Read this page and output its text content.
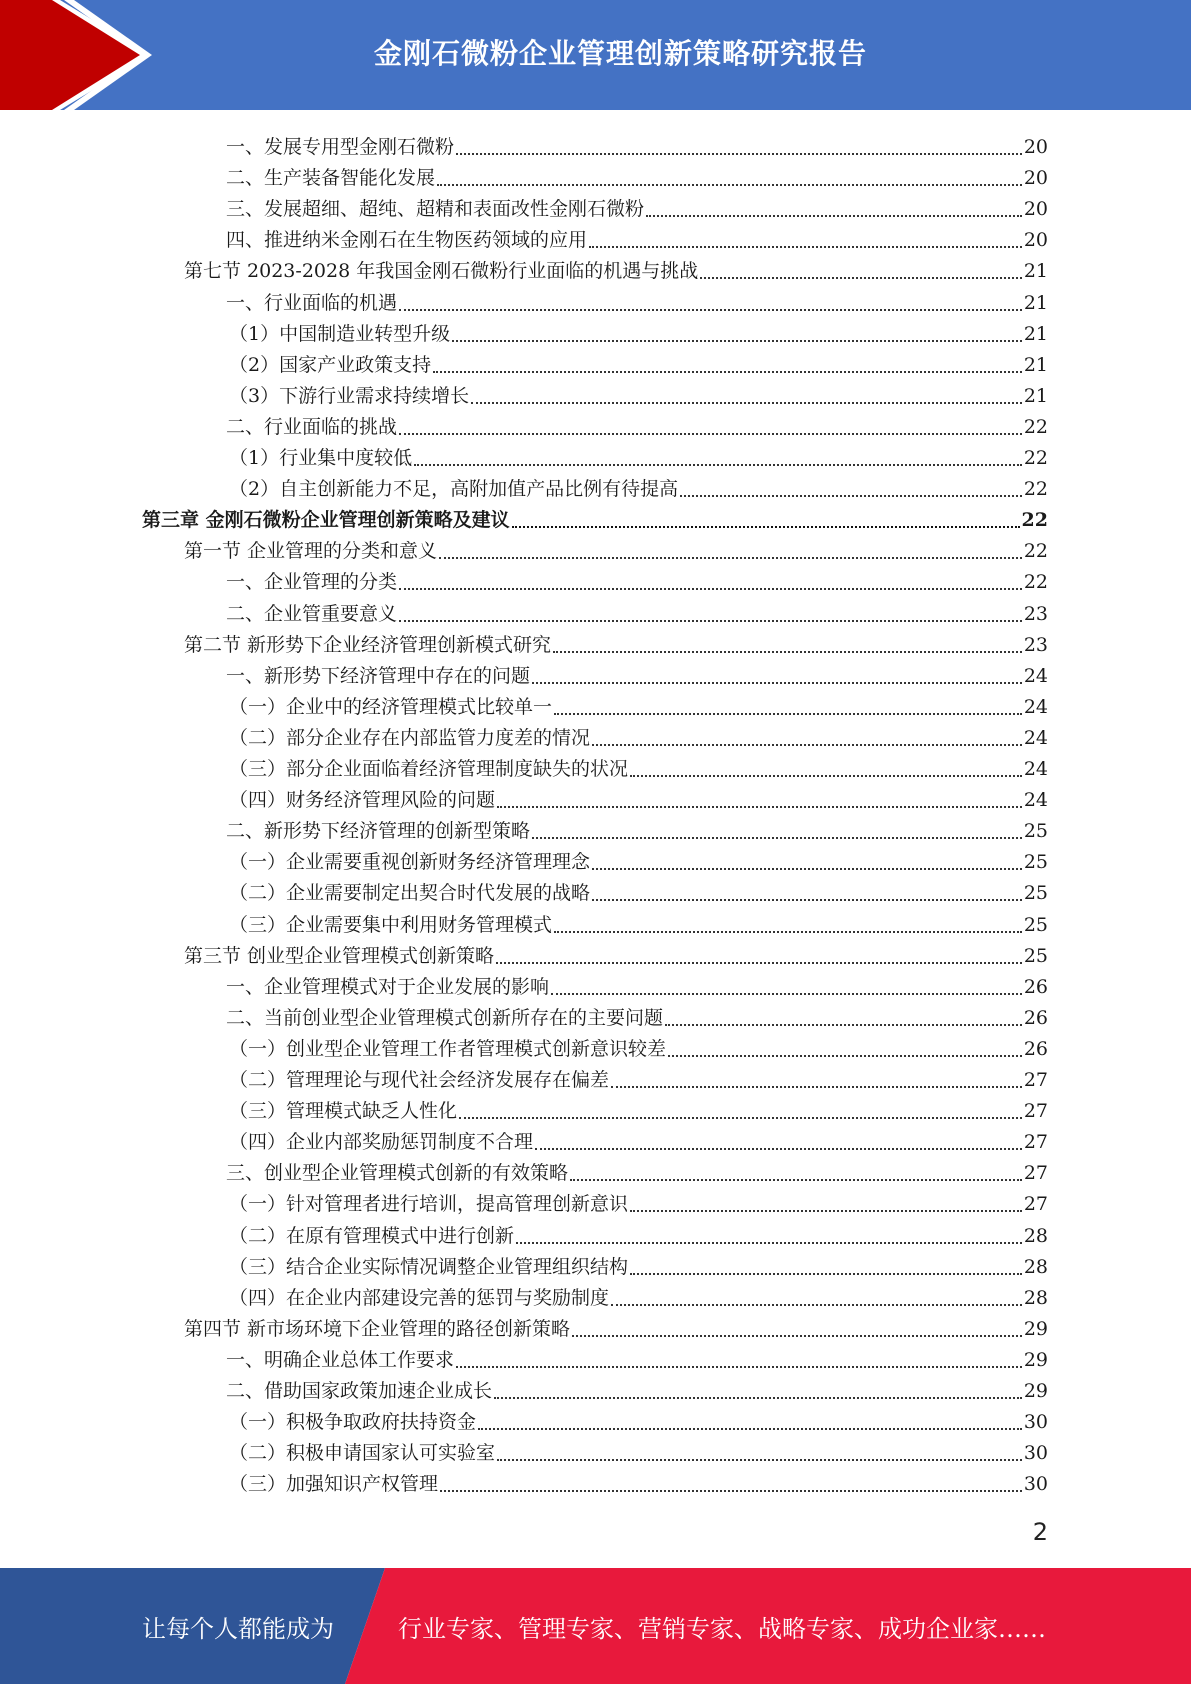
金刚石微粉企业管理创新策略研究报告
一、发展专用型金刚石微粉	20
二、生产装备智能化发展	20
三、发展超细、超纯、超精和表面改性金刚石微粉	20
四、推进纳米金刚石在生物医药领域的应用	20
第七节 2023-2028 年我国金刚石微粉行业面临的机遇与挑战	21
一、行业面临的机遇	21
（1）中国制造业转型升级	21
（2）国家产业政策支持	21
（3）下游行业需求持续增长	21
二、行业面临的挑战	22
（1）行业集中度较低	22
（2）自主创新能力不足，高附加值产品比例有待提高	22
第三章 金刚石微粉企业管理创新策略及建议	22
第一节 企业管理的分类和意义	22
一、企业管理的分类	22
二、企业管重要意义	23
第二节 新形势下企业经济管理创新模式研究	23
一、新形势下经济管理中存在的问题	24
（一）企业中的经济管理模式比较单一	24
（二）部分企业存在内部监管力度差的情况	24
（三）部分企业面临着经济管理制度缺失的状况	24
（四）财务经济管理风险的问题	24
二、新形势下经济管理的创新型策略	25
（一）企业需要重视创新财务经济管理理念	25
（二）企业需要制定出契合时代发展的战略	25
（三）企业需要集中利用财务管理模式	25
第三节 创业型企业管理模式创新策略	25
一、企业管理模式对于企业发展的影响	26
二、当前创业型企业管理模式创新所存在的主要问题	26
（一）创业型企业管理工作者管理模式创新意识较差	26
（二）管理理论与现代社会经济发展存在偏差	27
（三）管理模式缺乏人性化	27
（四）企业内部奖励惩罚制度不合理	27
三、创业型企业管理模式创新的有效策略	27
（一）针对管理者进行培训，提高管理创新意识	27
（二）在原有管理模式中进行创新	28
（三）结合企业实际情况调整企业管理组织结构	28
（四）在企业内部建设完善的惩罚与奖励制度	28
第四节 新市场环境下企业管理的路径创新策略	29
一、明确企业总体工作要求	29
二、借助国家政策加速企业成长	29
（一）积极争取政府扶持资金	30
（二）积极申请国家认可实验室	30
（三）加强知识产权管理	30
2
让每个人都能成为	行业专家、管理专家、营销专家、战略专家、成功企业家……
